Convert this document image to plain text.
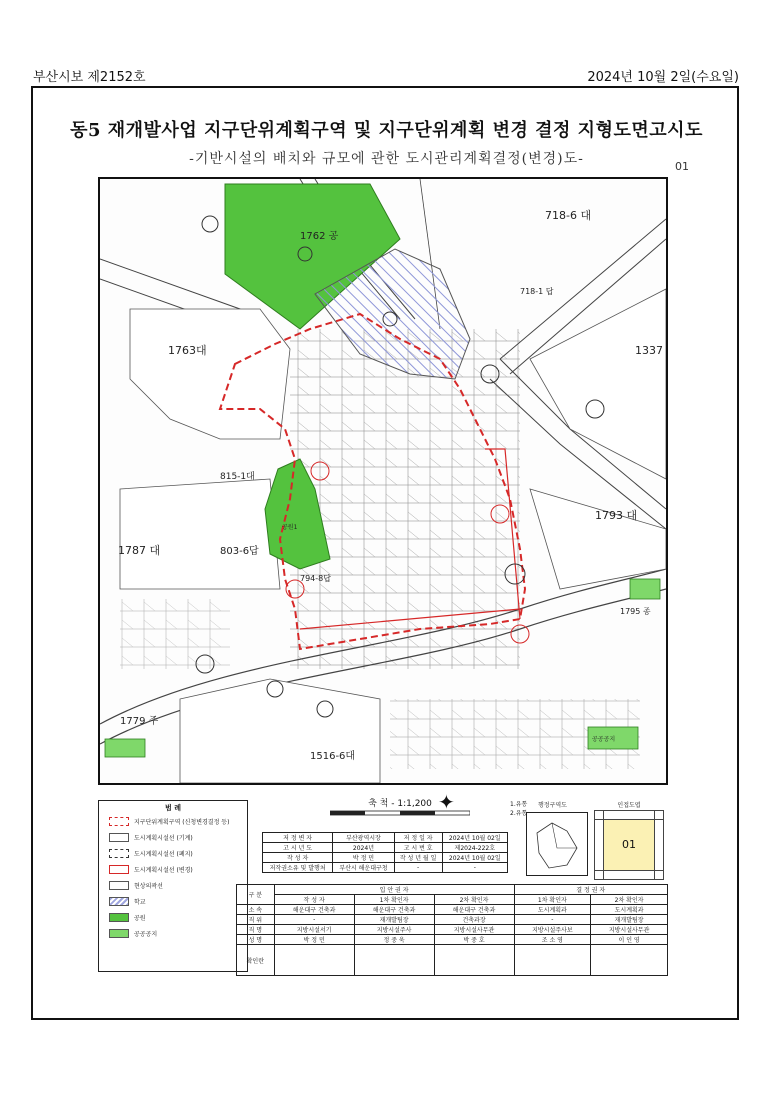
부산시보 제2152호	2024년 10월 2일(수요일)
동5 재개발사업 지구단위계획구역 및 지구단위계획 변경 결정 지형도면고시도
-기반시설의 배치와 규모에 관한 도시관리계획결정(변경)도-	01
718-6 대
1762 공
1763대	1337
1793 대
1787 대	803-6답
815-1대
794-8답
1516-6대
1779 주
718-1 답
1795 종
공원1
공공공지
범 례
지구단위계획구역 (신청변경결정 등)
도시계획시설선 (기계)
도시계획시설선 (폐지)
도시계획시설선 (변경)
현상의곽선
학교
공원
공공공지
축 척 - 1:1,200 ✦	1.유통
2.유통
행정구역도	인접도엽

	01	

저 정 변 자	부산광역시장	저 정 일 자	2024년 10월 02일
고 시 년 도	2024년	고 시 번 호	제2024-222호
작 성 자	박 정 민	작 성 년 월 일	2024년 10월 02일
저작권소유 및 발행처	부산시 해운대구청	-	-
구 분	입 안 권 자			결 정 권 자	
	작 성 자	1차 확인자	2차 확인자	1차 확인자	2차 확인자
소 속	해운대구 건축과	해운대구 건축과	해운대구 건축과	도시계획과	도시계획과
직 위	-	재개발팀장	건축과장	-	재개발팀장
직 명	지방시설서기	지방시설주사	지방시설사무관	지방시설주사보	지방시설사무관
성 명	박 정 민	정 중 욱	박 중 호	조 소 영	이 인 영
확인란					
